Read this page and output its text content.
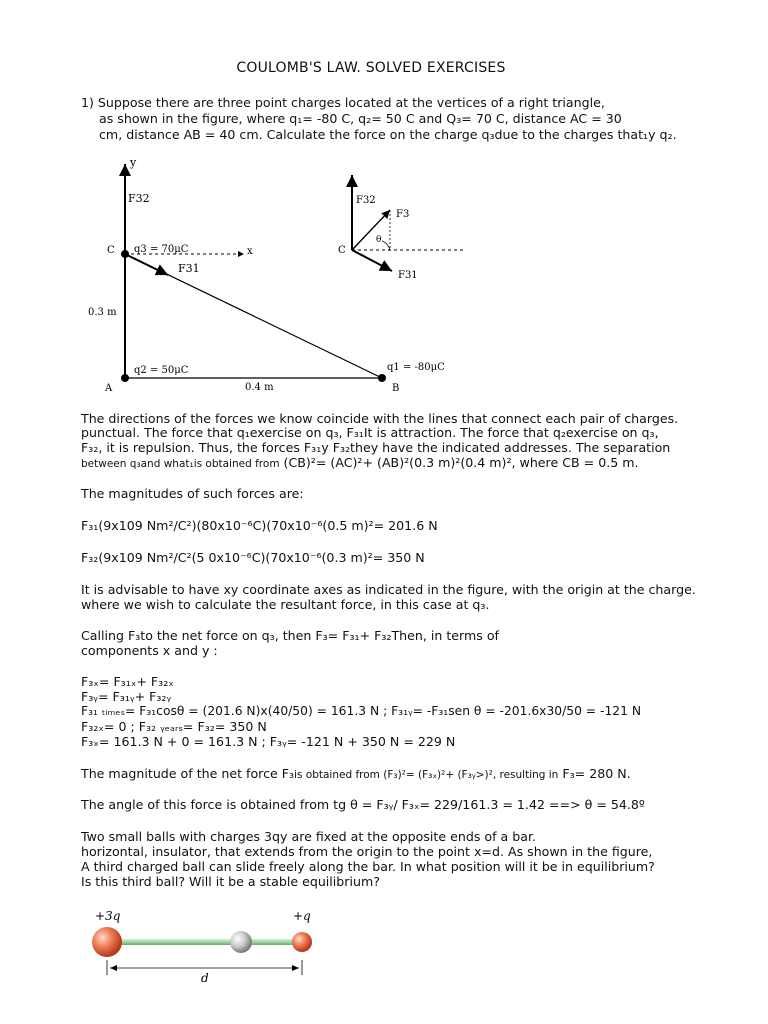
COULOMB'S LAW. SOLVED EXERCISES
1) Suppose there are three point charges located at the vertices of a right triangle,
as shown in the figure, where q₁= -80 C, q₂= 50 C and Q₃= 70 C, distance AC = 30
cm, distance AB = 40 cm. Calculate the force on the charge q₃due to the charges that₁y q₂.
y
F32
x
F31
C q3 = 70μC
0.3 m
q2 = 50μC
A	0.4 m	B
q1 = -80μC
F32
F3
θ
F31
C
The directions of the forces we know coincide with the lines that connect each pair of charges.
punctual. The force that q₁exercise on q₃, F₃₁It is attraction. The force that q₂exercise on q₃,
F₃₂, it is repulsion. Thus, the forces F₃₁y F₃₂they have the indicated addresses. The separation
between q₃and what₁is obtained from (CB)²= (AC)²+ (AB)²(0.3 m)²(0.4 m)², where CB = 0.5 m.
The magnitudes of such forces are:
F₃₁(9x109 Nm²/C²)(80x10⁻⁶C)(70x10⁻⁶(0.5 m)²= 201.6 N
F₃₂(9x109 Nm²/C²(5 0x10⁻⁶C)(70x10⁻⁶(0.3 m)²= 350 N
It is advisable to have xy coordinate axes as indicated in the figure, with the origin at the charge.
where we wish to calculate the resultant force, in this case at q₃.
Calling F₃to the net force on q₃, then F₃= F₃₁+ F₃₂Then, in terms of
components x and y :
F₃ₓ= F₃₁ₓ+ F₃₂ₓ
F₃ᵧ= F₃₁ᵧ+ F₃₂ᵧ
F₃₁ ₜᵢₘₑₛ= F₃₁cosθ = (201.6 N)x(40/50) = 161.3 N ; F₃₁ᵧ= -F₃₁sen θ = -201.6x30/50 = -121 N
F₃₂ₓ= 0 ; F₃₂ ᵧₑₐᵣₛ= F₃₂= 350 N
F₃ₓ= 161.3 N + 0 = 161.3 N ; F₃ᵧ= -121 N + 350 N = 229 N
The magnitude of the net force F₃is obtained from (F₃)²= (F₃ₓ)²+ (F₃ᵧ>)², resulting in F₃= 280 N.
The angle of this force is obtained from tg θ = F₃ᵧ/ F₃ₓ= 229/161.3 = 1.42 ==> θ = 54.8º
Two small balls with charges 3qy are fixed at the opposite ends of a bar.
horizontal, insulator, that extends from the origin to the point x=d. As shown in the figure,
A third charged ball can slide freely along the bar. In what position will it be in equilibrium?
Is this third ball? Will it be a stable equilibrium?
+3q	+q
d
